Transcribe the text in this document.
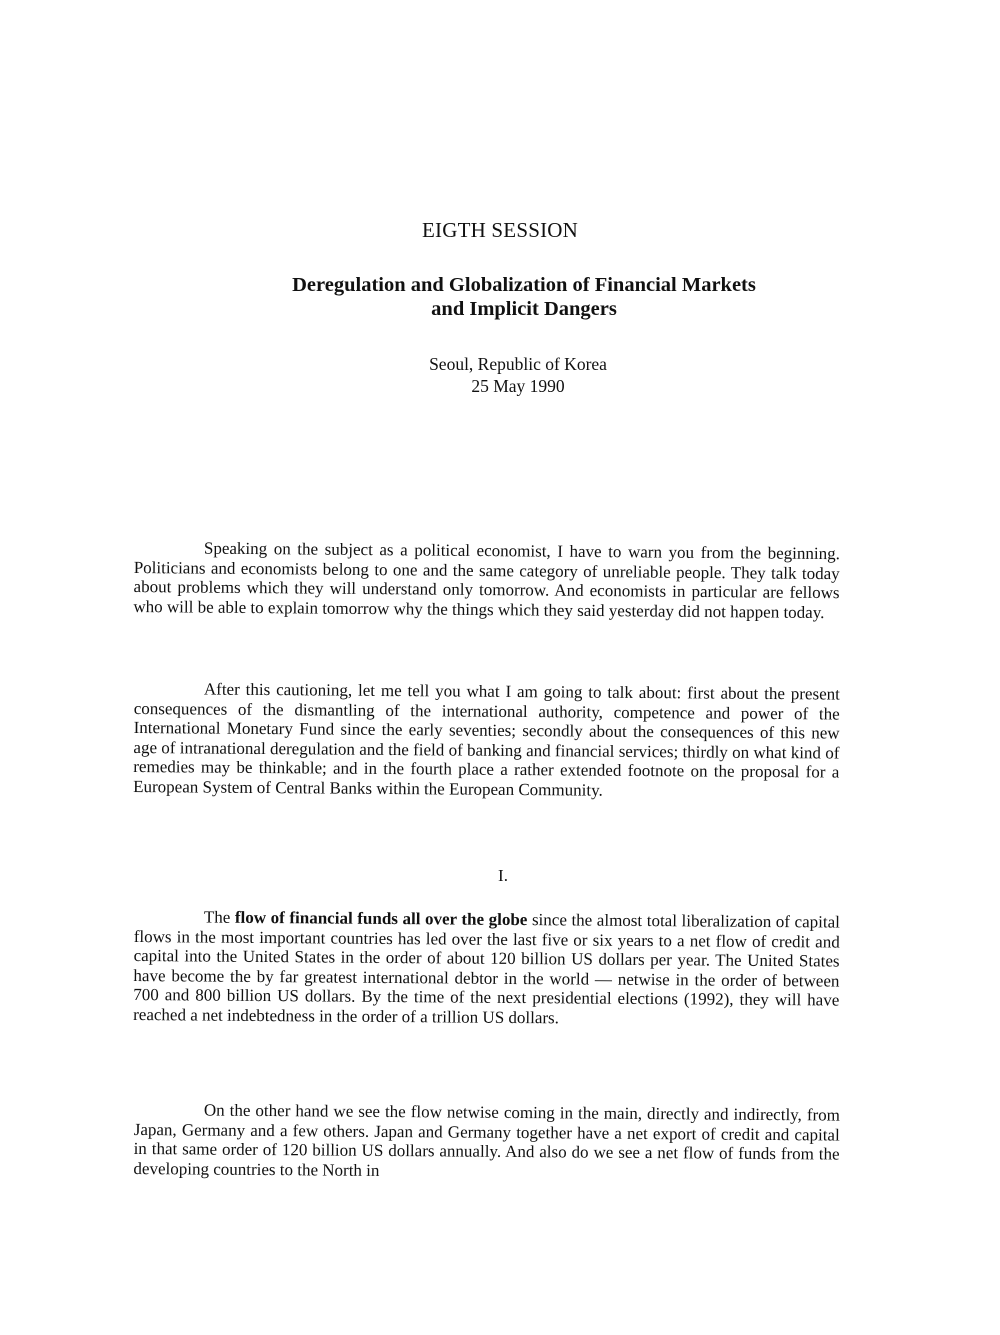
EIGTH SESSION
Deregulation and Globalization of Financial Markets
and Implicit Dangers
Seoul, Republic of Korea
25 May 1990

Speaking on the subject as a political economist, I have to warn you from the beginning. Politicians and economists belong to one and the same category of unreliable people. They talk today about problems which they will understand only tomorrow. And economists in particular are fellows who will be able to explain tomorrow why the things which they said yesterday did not happen today.

After this cautioning, let me tell you what I am going to talk about: first about the present consequences of the dismantling of the international authority, competence and power of the International Monetary Fund since the early seventies; secondly about the consequences of this new age of intranational deregulation and the field of banking and financial services; thirdly on what kind of remedies may be thinkable; and in the fourth place a rather extended footnote on the proposal for a European System of Central Banks within the European Community.

I.

The flow of financial funds all over the globe since the almost total liberalization of capital flows in the most important countries has led over the last five or six years to a net flow of credit and capital into the United States in the order of about 120 billion US dollars per year. The United States have become the by far greatest international debtor in the world — netwise in the order of between 700 and 800 billion US dollars. By the time of the next presidential elections (1992), they will have reached a net indebtedness in the order of a trillion US dollars.

On the other hand we see the flow netwise coming in the main, directly and indirectly, from Japan, Germany and a few others. Japan and Germany together have a net export of credit and capital in that same order of 120 billion US dollars annually. And also do we see a net flow of funds from the developing countries to the North in
